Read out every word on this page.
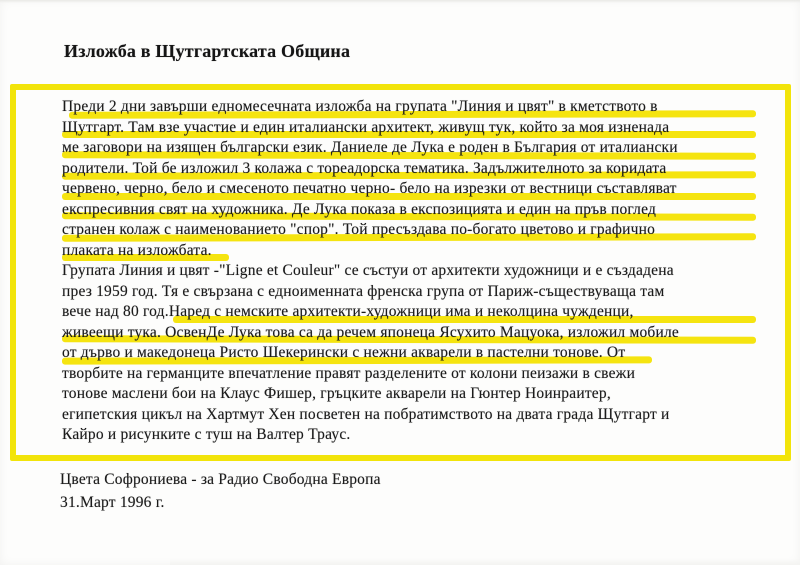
Изложба в Щутгартската Община
Преди 2 дни завърши едномесечната изложба на групата "Линия и цвят" в кметството в
Щутгарт. Там взе участие и един италиански архитект, живущ тук, който за моя изненада
ме заговори на изящен български език. Даниеле де Лука е роден в България от италиански
родители. Той бе изложил 3 колажа с тореадорска тематика. Задължителното за коридата
червено, черно, бело и смесеното печатно черно- бело на изрезки от вестници съставляват
експресивния свят на художника. Де Лука показа в експозицията и един на пръв поглед
странен колаж с наименованието "спор". Той пресъздава по-богато цветово и графично
плаката на изложбата.
Групата Линия и цвят -"Ligne et Couleur" се състуи от архитекти художници и е създадена
през 1959 год. Тя е свързана с едноименната френска група от Париж-съществуваща там
вече над 80 год.Наред с немските архитекти-художници има и неколцина чужденци,
живеещи тука. ОсвенДе Лука това са да речем японеца Ясухито Мацуока, изложил мобиле
от дърво и македонеца Ристо Шекерински с нежни акварели в пастелни тонове. От
творбите на германците впечатление правят разделените от колони пеизажи в свежи
тонове маслени бои на Клаус Фишер, гръцките акварели на Гюнтер Ноинраитер,
египетския цикъл на Хартмут Хен посветен на побратимството на двата града Щутгарт и
Кайро и рисунките с туш на Валтер Траус.
Цвета Софрониева - за Радио Свободна Европа
31.Март 1996 г.
